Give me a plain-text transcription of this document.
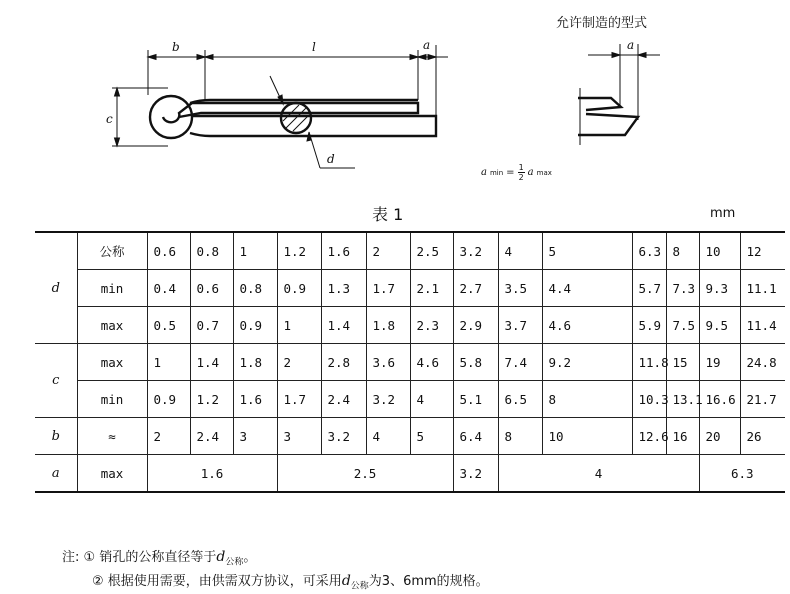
b	l	a
c
d
允许制造的型式
a
a $\min = \frac{1}{2}$ a max
表 1	mm
d	公称	0.6	0.8	1	1.2	1.6	2	2.5	3.2	4	5	6.3	8	10	12
	min	0.4	0.6	0.8	0.9	1.3	1.7	2.1	2.7	3.5	4.4	5.7	7.3	9.3	11.1
	max	0.5	0.7	0.9	1	1.4	1.8	2.3	2.9	3.7	4.6	5.9	7.5	9.5	11.4
c	max	1	1.4	1.8	2	2.8	3.6	4.6	5.8	7.4	9.2	11.8	15	19	24.8
	min	0.9	1.2	1.6	1.7	2.4	3.2	4	5.1	6.5	8	10.3	13.1	16.6	21.7
b	≈	2	2.4	3	3	3.2	4	5	6.4	8	10	12.6	16	20	26
a	max	1.6			2.5				3.2	4				6.3	
注: ① 销孔的公称直径等于$d_{公称}$。
② 根据使用需要，由供需双方协议，可采用$d_{公称}$为3、6mm的规格。
